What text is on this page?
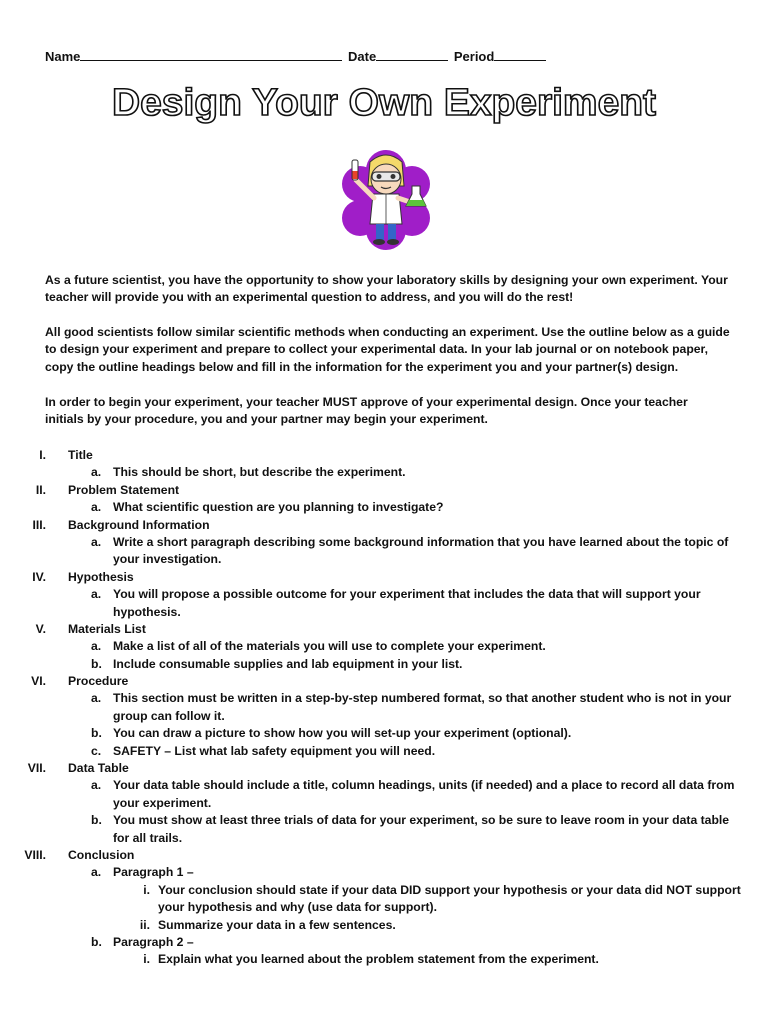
Name	Date	Period
Design Your Own Experiment
As a future scientist, you have the opportunity to show your laboratory skills by designing your own experiment. Your
teacher will provide you with an experimental question to address, and you will do the rest!
All good scientists follow similar scientific methods when conducting an experiment. Use the outline below as a guide
to design your experiment and prepare to collect your experimental data. In your lab journal or on notebook paper,
copy the outline headings below and fill in the information for the experiment you and your partner(s) design.
In order to begin your experiment, your teacher MUST approve of your experimental design. Once your teacher
initials by your procedure, you and your partner may begin your experiment.
I. Title
a. This should be short, but describe the experiment.
II. Problem Statement
a. What scientific question are you planning to investigate?
III. Background Information
a. Write a short paragraph describing some background information that you have learned about the topic of
your investigation.
IV. Hypothesis
a. You will propose a possible outcome for your experiment that includes the data that will support your
hypothesis.
V. Materials List
a. Make a list of all of the materials you will use to complete your experiment.
b. Include consumable supplies and lab equipment in your list.
VI. Procedure
a. This section must be written in a step-by-step numbered format, so that another student who is not in your
group can follow it.
b. You can draw a picture to show how you will set-up your experiment (optional).
c. SAFETY – List what lab safety equipment you will need.
VII. Data Table
a. Your data table should include a title, column headings, units (if needed) and a place to record all data from
your experiment.
b. You must show at least three trials of data for your experiment, so be sure to leave room in your data table
for all trails.
VIII. Conclusion
a. Paragraph 1 –
i. Your conclusion should state if your data DID support your hypothesis or your data did NOT support
your hypothesis and why (use data for support).
ii. Summarize your data in a few sentences.
b. Paragraph 2 –
i. Explain what you learned about the problem statement from the experiment.
